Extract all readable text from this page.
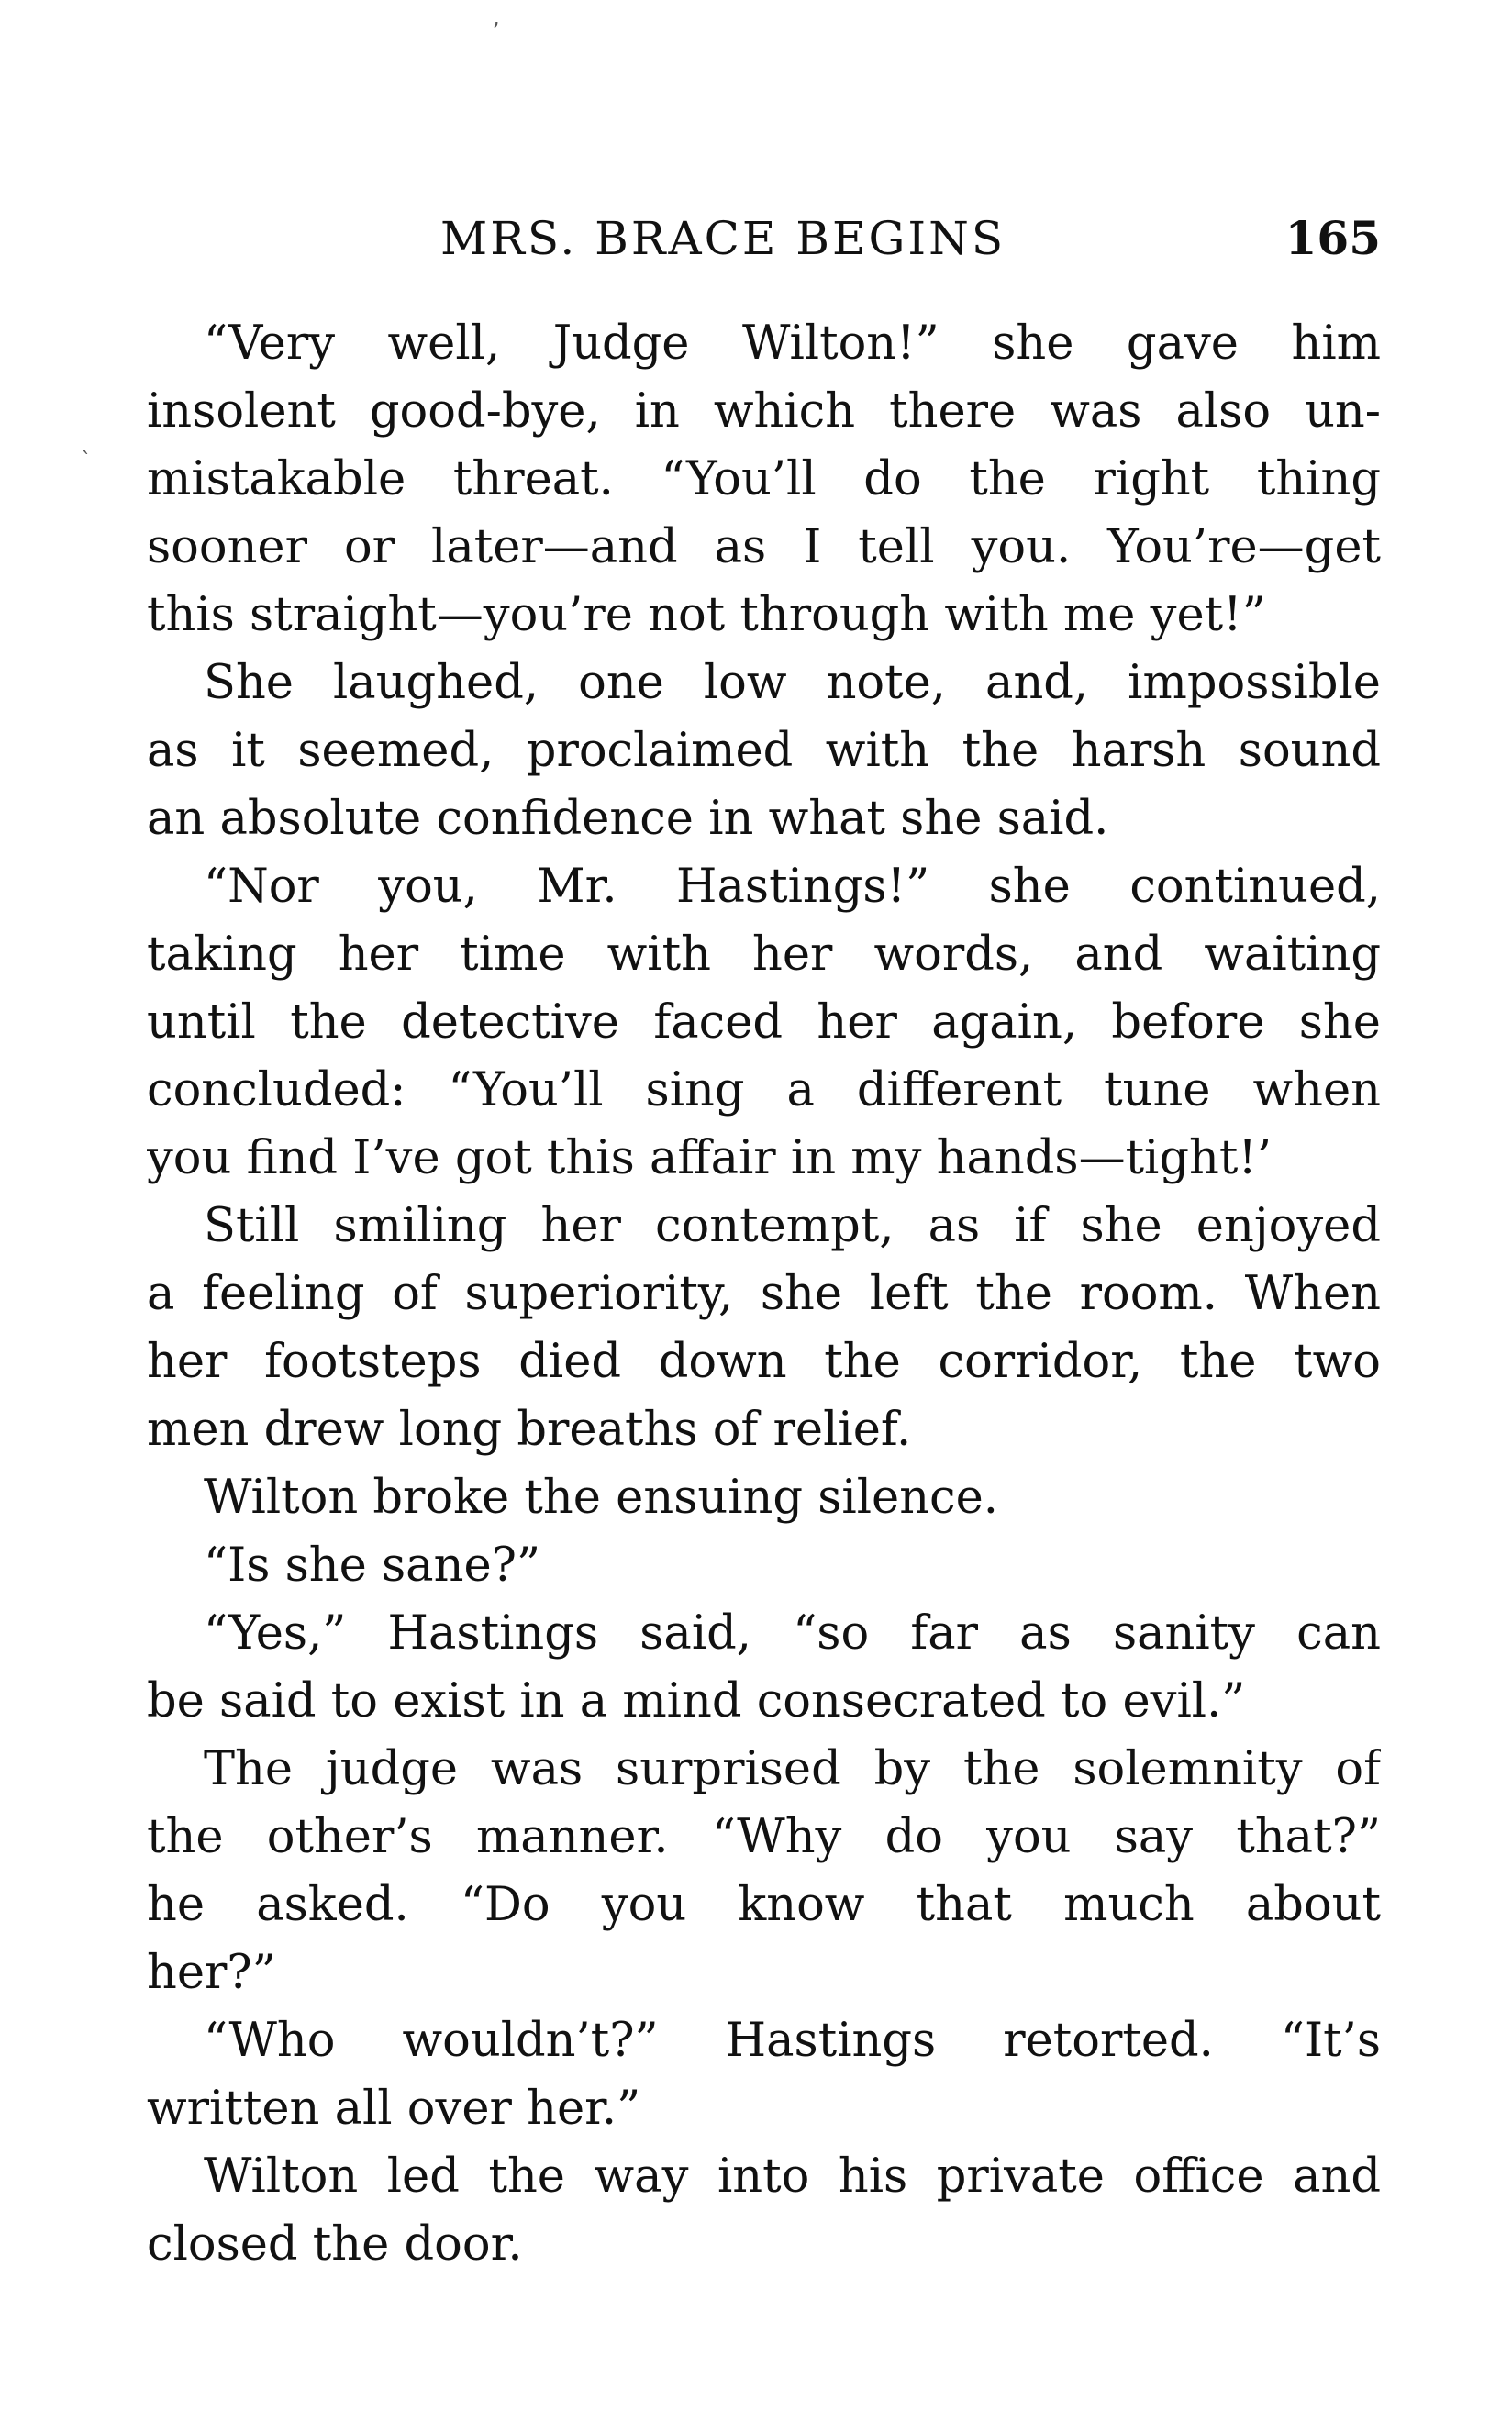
ʼ
`
MRS. BRACE BEGINS	165
“Very well, Judge Wilton!” she gave him
insolent good-bye, in which there was also un-
mistakable threat. “You’ll do the right thing
sooner or later—and as I tell you. You’re—get
this straight—you’re not through with me yet!”
She laughed, one low note, and, impossible
as it seemed, proclaimed with the harsh sound
an absolute confidence in what she said.
“Nor you, Mr. Hastings!” she continued,
taking her time with her words, and waiting
until the detective faced her again, before she
concluded: “You’ll sing a different tune when
you find I’ve got this affair in my hands—tight!’
Still smiling her contempt, as if she enjoyed
a feeling of superiority, she left the room. When
her footsteps died down the corridor, the two
men drew long breaths of relief.
Wilton broke the ensuing silence.
“Is she sane?”
“Yes,” Hastings said, “so far as sanity can
be said to exist in a mind consecrated to evil.”
The judge was surprised by the solemnity of
the other’s manner. “Why do you say that?”
he asked. “Do you know that much about
her?”
“Who wouldn’t?” Hastings retorted. “It’s
written all over her.”
Wilton led the way into his private office and
closed the door.
